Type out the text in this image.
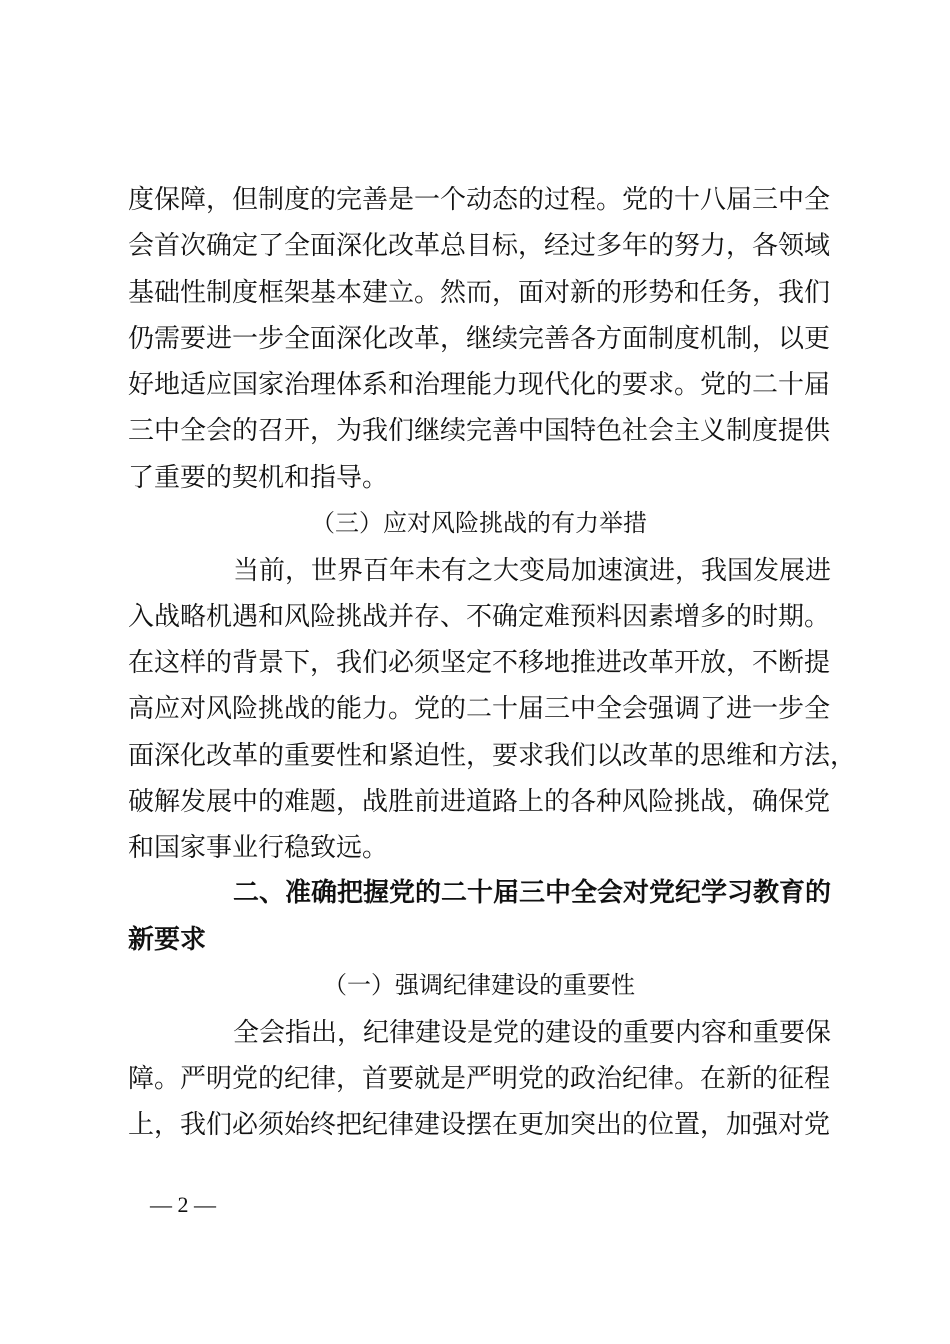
度保障，但制度的完善是一个动态的过程。党的十八届三中全
会首次确定了全面深化改革总目标，经过多年的努力，各领域
基础性制度框架基本建立。然而，面对新的形势和任务，我们
仍需要进一步全面深化改革，继续完善各方面制度机制，以更
好地适应国家治理体系和治理能力现代化的要求。党的二十届
三中全会的召开，为我们继续完善中国特色社会主义制度提供
了重要的契机和指导。
（三）应对风险挑战的有力举措
当前，世界百年未有之大变局加速演进，我国发展进
入战略机遇和风险挑战并存、不确定难预料因素增多的时期。
在这样的背景下，我们必须坚定不移地推进改革开放，不断提
高应对风险挑战的能力。党的二十届三中全会强调了进一步全
面深化改革的重要性和紧迫性，要求我们以改革的思维和方法，
破解发展中的难题，战胜前进道路上的各种风险挑战，确保党
和国家事业行稳致远。
二、准确把握党的二十届三中全会对党纪学习教育的
新要求
（一）强调纪律建设的重要性
全会指出，纪律建设是党的建设的重要内容和重要保
障。严明党的纪律，首要就是严明党的政治纪律。在新的征程
上，我们必须始终把纪律建设摆在更加突出的位置，加强对党
— 2 —
